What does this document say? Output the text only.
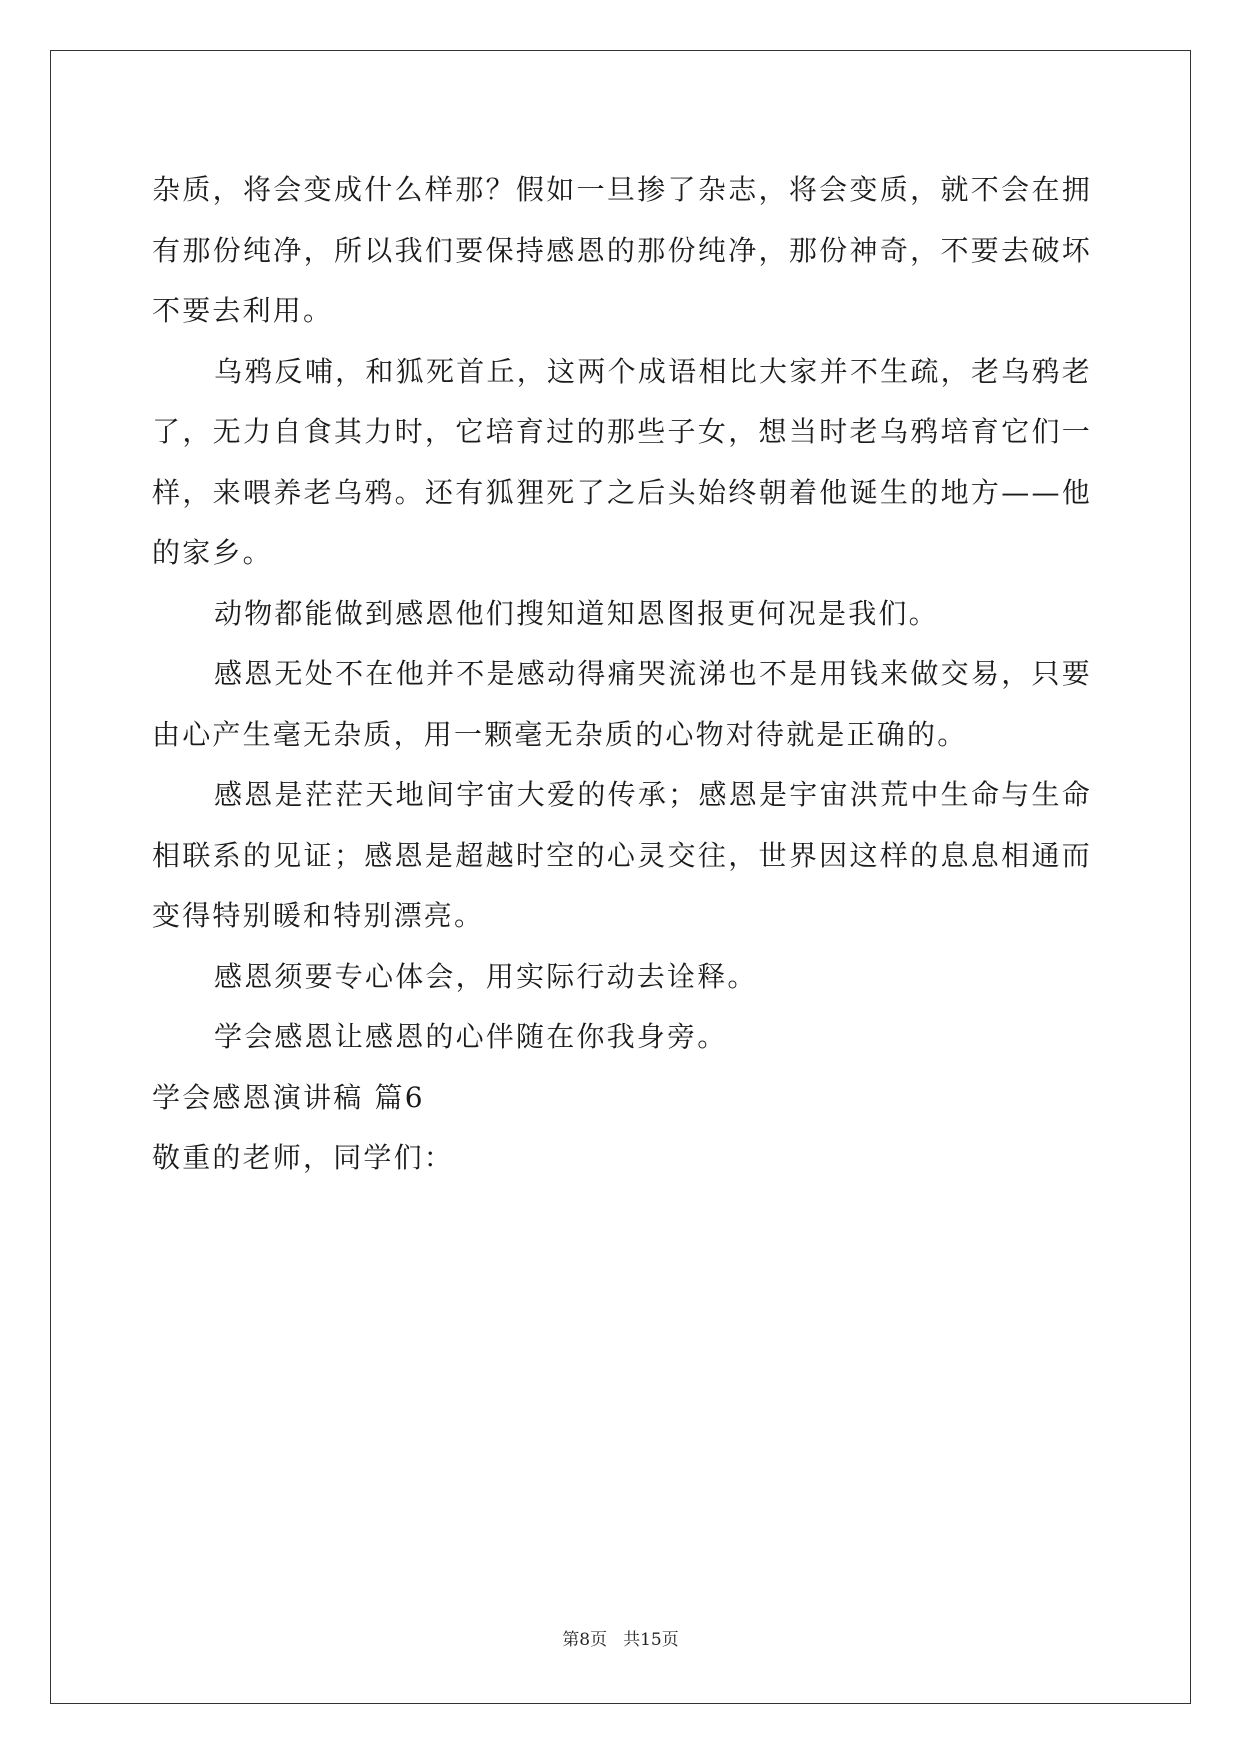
杂质，将会变成什么样那？假如一旦掺了杂志，将会变质，就不会在拥有那份纯净，所以我们要保持感恩的那份纯净，那份神奇，不要去破坏不要去利用。

乌鸦反哺，和狐死首丘，这两个成语相比大家并不生疏，老乌鸦老了，无力自食其力时，它培育过的那些子女，想当时老乌鸦培育它们一样，来喂养老乌鸦。还有狐狸死了之后头始终朝着他诞生的地方——他的家乡。

动物都能做到感恩他们搜知道知恩图报更何况是我们。

感恩无处不在他并不是感动得痛哭流涕也不是用钱来做交易，只要由心产生毫无杂质，用一颗毫无杂质的心物对待就是正确的。

感恩是茫茫天地间宇宙大爱的传承；感恩是宇宙洪荒中生命与生命相联系的见证；感恩是超越时空的心灵交往，世界因这样的息息相通而变得特别暖和特别漂亮。

感恩须要专心体会，用实际行动去诠释。

学会感恩让感恩的心伴随在你我身旁。

学会感恩演讲稿 篇6

敬重的老师，同学们：

第8页 共15页
